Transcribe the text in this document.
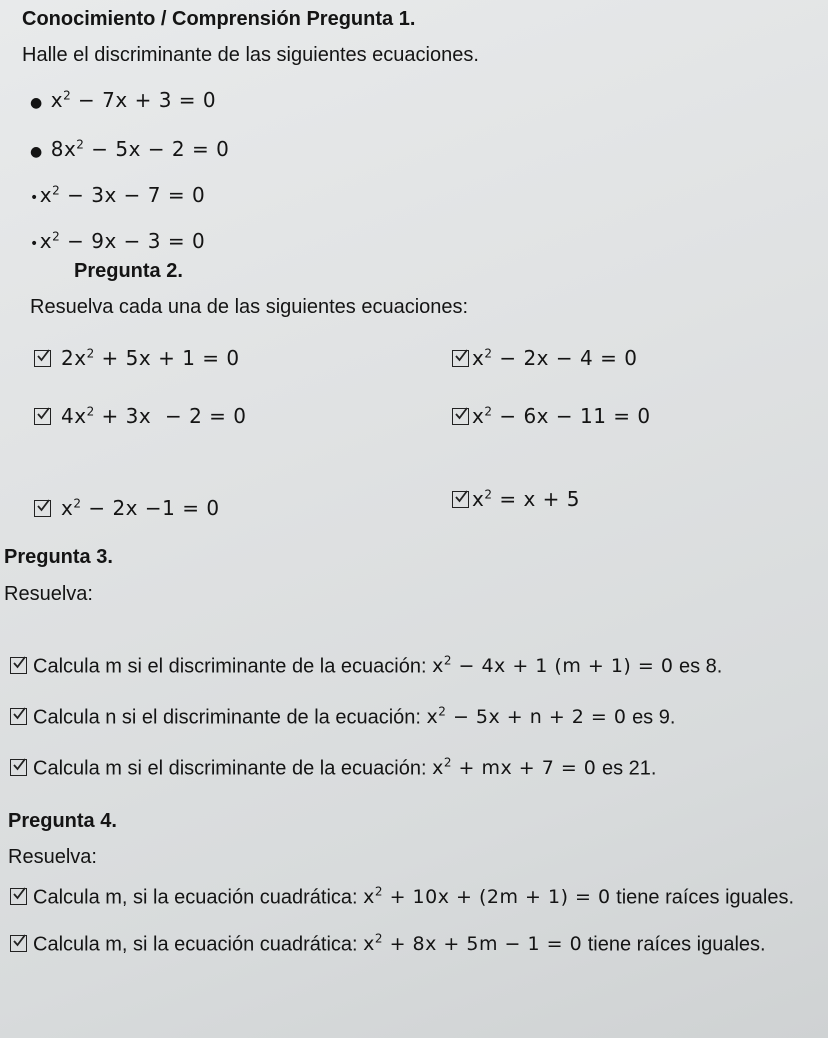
Conocimiento / Comprensión Pregunta 1.
Halle el discriminante de las siguientes ecuaciones.
● $x^2 - 7x + 3 = 0$
● $8x^2 - 5x - 2 = 0$
$•x^2 - 3x - 7 = 0$
$•x^2 - 9x - 3 = 0$
Pregunta 2.
Resuelva cada una de las siguientes ecuaciones:
$2x^2 + 5x + 1 = 0$	$x^2 - 2x - 4 = 0$
$4x^2 + 3x - 2 = 0$	$x^2 - 6x - 11 = 0$
$x^2 - 2x -1 = 0$	$x^2 = x + 5$
Pregunta 3.
Resuelva:
Calcula m si el discriminante de la ecuación: $x^2 - 4x + 1$ (m + 1) = 0 es 8.
Calcula n si el discriminante de la ecuación: $x^2 - 5x + n + 2 = 0$ es 9.
Calcula m si el discriminante de la ecuación: $x^2$ + mx + 7 = 0 es 21.
Pregunta 4.
Resuelva:
Calcula m, si la ecuación cuadrática: $x^2 + 10x + (2m + 1) = 0$ tiene raíces iguales.
Calcula m, si la ecuación cuadrática: $x^2 + 8x + 5m - 1 = 0$ tiene raíces iguales.
